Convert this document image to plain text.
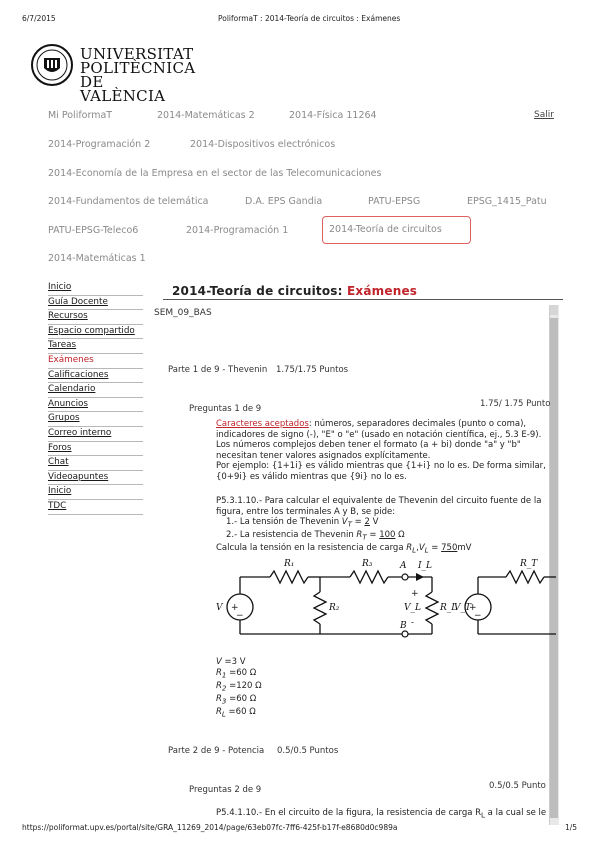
6/7/2015	PoliformaT : 2014-Teoría de circuitos : Exámenes
UNIVERSITAT
POLITÈCNICA
DE VALÈNCIA
Mi PoliformaT	2014-Matemáticas 2	2014-Física 11264	Salir
2014-Programación 2	2014-Dispositivos electrónicos
2014-Economía de la Empresa en el sector de las Telecomunicaciones
2014-Fundamentos de telemática	D.A. EPS Gandia	PATU-EPSG	EPSG_1415_Patu
PATU-EPSG-Teleco6	2014-Programación 1	2014-Teoría de circuitos
2014-Matemáticas 1
Inicio
Guía Docente
Recursos
Espacio compartido
Tareas
Exámenes
Calificaciones
Calendario
Anuncios
Grupos
Correo interno
Foros
Chat
Videoapuntes
Inicio
TDC
2014-Teoría de circuitos: Exámenes
SEM_09_BAS
Parte 1 de 9 - Thevenin 1.75/1.75 Puntos
Preguntas 1 de 9	1.75/ 1.75 Punto
Caracteres aceptados: números, separadores decimales (punto o coma),
indicadores de signo (-), "E" o "e" (usado en notación científica, ej., 5.3 E-9).
Los números complejos deben tener el formato (a + bi) donde "a" y "b"
necesitan tener valores asignados explícitamente.
Por ejemplo: {1+1i} es válido mientras que {1+i} no lo es. De forma similar,
{0+9i} es válido mientras que {9i} no lo es.
P5.3.1.10.- Para calcular el equivalente de Thevenin del circuito fuente de la
figura, entre los terminales A y B, se pide:
1.- La tensión de Thevenin $V_T = 2$ V
2.- La resistencia de Thevenin $R_T = 100$ Ω
Calcula la tensión en la resistencia de carga $R_L,V_L = 750mV$
+
−
+
−
R₁	R₃
R₂	R_L
R_T
V	V_T
A
B
I_L
V_L
+
-
V =3 V
$R_1 =60$ Ω
$R_2 =120$ Ω
$R_3 =60$ Ω
$R_L =60$ Ω
Parte 2 de 9 - Potencia 0.5/0.5 Puntos
Preguntas 2 de 9	0.5/0.5 Punto
P5.4.1.10.- En el circuito de la figura, la resistencia de carga $R_L$ a la cual se le
https://poliformat.upv.es/portal/site/GRA_11269_2014/page/63eb07fc-7ff6-425f-b17f-e8680d0c989a	1/5
